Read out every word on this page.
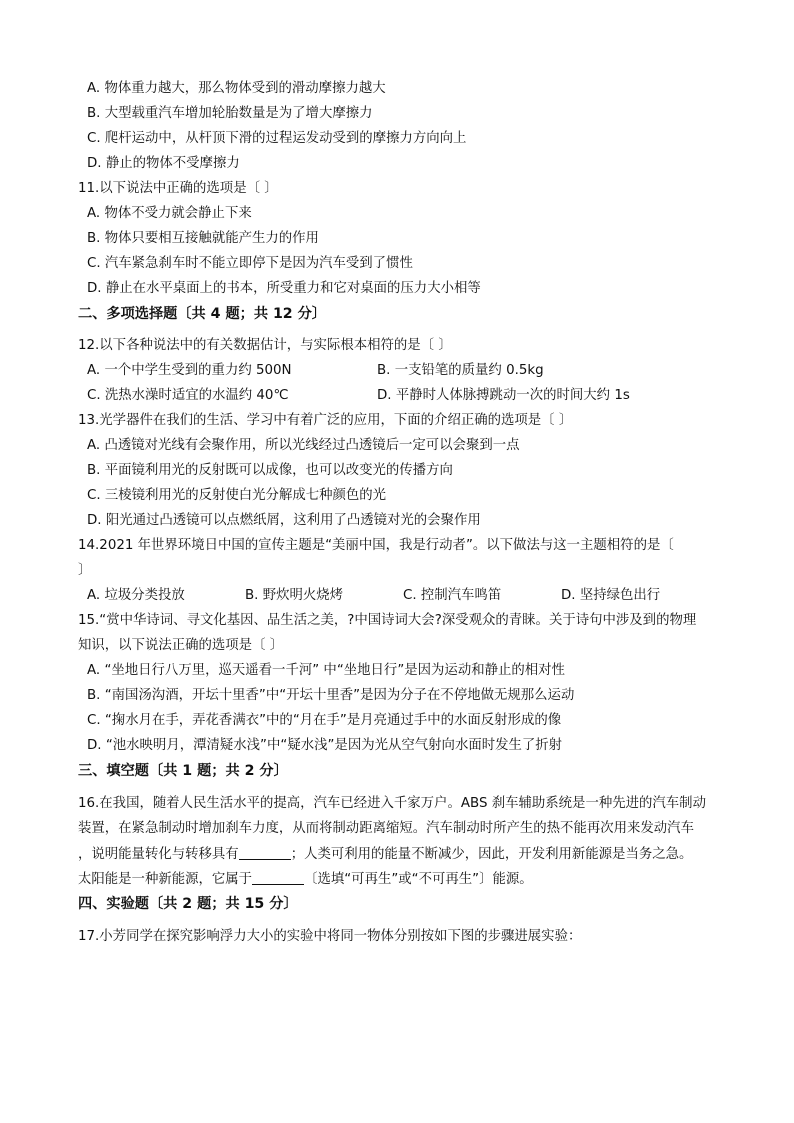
A. 物体重力越大，那么物体受到的滑动摩擦力越大
B. 大型载重汽车增加轮胎数量是为了增大摩擦力
C. 爬杆运动中，从杆顶下滑的过程运发动受到的摩擦力方向向上
D. 静止的物体不受摩擦力
11.以下说法中正确的选项是〔 〕
A. 物体不受力就会静止下来
B. 物体只要相互接触就能产生力的作用
C. 汽车紧急刹车时不能立即停下是因为汽车受到了惯性
D. 静止在水平桌面上的书本，所受重力和它对桌面的压力大小相等
二、多项选择题〔共 4 题；共 12 分〕
12.以下各种说法中的有关数据估计，与实际根本相符的是〔 〕
A. 一个中学生受到的重力约 500N	B. 一支铅笔的质量约 0.5kg
C. 洗热水澡时适宜的水温约 40℃	D. 平静时人体脉搏跳动一次的时间大约 1s
13.光学器件在我们的生活、学习中有着广泛的应用，下面的介绍正确的选项是〔 〕
A. 凸透镜对光线有会聚作用，所以光线经过凸透镜后一定可以会聚到一点
B. 平面镜利用光的反射既可以成像，也可以改变光的传播方向
C. 三棱镜利用光的反射使白光分解成七种颜色的光
D. 阳光通过凸透镜可以点燃纸屑，这利用了凸透镜对光的会聚作用
14.2021 年世界环境日中国的宣传主题是“美丽中国，我是行动者”。以下做法与这一主题相符的是〔
〕
A. 垃圾分类投放	B. 野炊明火烧烤	C. 控制汽车鸣笛	D. 坚持绿色出行
15.“赏中华诗词、寻文化基因、品生活之美，?中国诗词大会?深受观众的青睐。关于诗句中涉及到的物理
知识，以下说法正确的选项是〔 〕
A. “坐地日行八万里，巡天遥看一千河” 中“坐地日行”是因为运动和静止的相对性
B. “南国汤沟酒，开坛十里香”中“开坛十里香”是因为分子在不停地做无规那么运动
C. “掬水月在手，弄花香满衣”中的“月在手”是月亮通过手中的水面反射形成的像
D. “池水映明月，潭清疑水浅”中“疑水浅”是因为光从空气射向水面时发生了折射
三、填空题〔共 1 题；共 2 分〕
16.在我国，随着人民生活水平的提高，汽车已经进入千家万户。ABS 刹车辅助系统是一种先进的汽车制动
装置，在紧急制动时增加刹车力度，从而将制动距离缩短。汽车制动时所产生的热不能再次用来发动汽车
，说明能量转化与转移具有	；人类可利用的能量不断减少，因此，开发利用新能源是当务之急。
太阳能是一种新能源，它属于	〔选填“可再生”或“不可再生”〕能源。
四、实验题〔共 2 题；共 15 分〕
17.小芳同学在探究影响浮力大小的实验中将同一物体分别按如下图的步骤进展实验：
